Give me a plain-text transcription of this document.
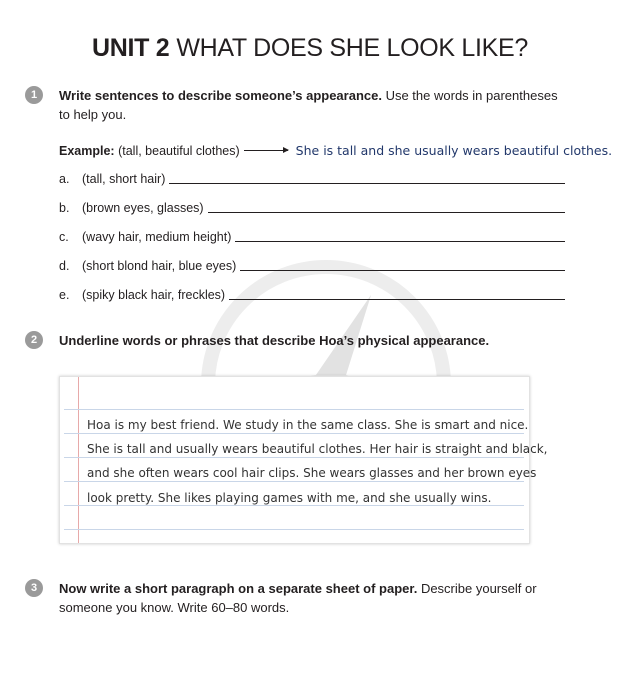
UNIT 2 WHAT DOES SHE LOOK LIKE?
1	Write sentences to describe someone’s appearance. Use the words in parentheses to help you.
Example: (tall, beautiful clothes)	She is tall and she usually wears beautiful clothes.
a.	(tall, short hair)
b.	(brown eyes, glasses)
c.	(wavy hair, medium height)
d.	(short blond hair, blue eyes)
e.	(spiky black hair, freckles)
2	Underline words or phrases that describe Hoa’s physical appearance.
Hoa is my best friend. We study in the same class. She is smart and nice.
She is tall and usually wears beautiful clothes. Her hair is straight and black,
and she often wears cool hair clips. She wears glasses and her brown eyes
look pretty. She likes playing games with me, and she usually wins.
3	Now write a short paragraph on a separate sheet of paper. Describe yourself or someone you know. Write 60–80 words.
